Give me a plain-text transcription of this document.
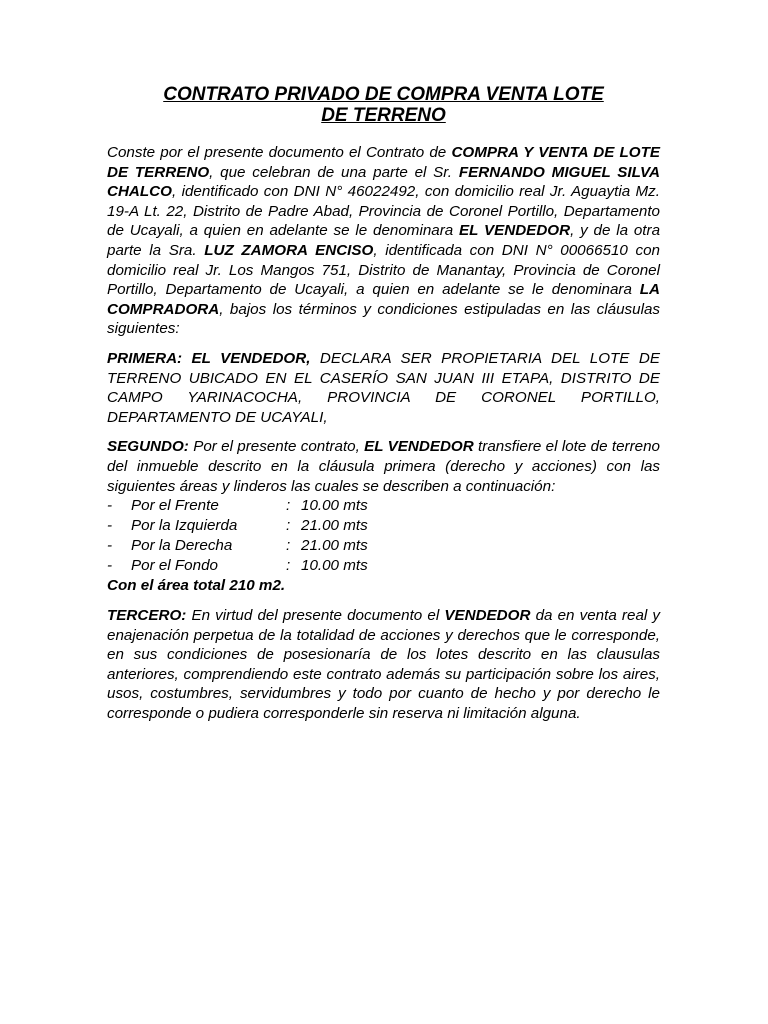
CONTRATO PRIVADO DE COMPRA VENTA LOTE
DE TERRENO

Conste por el presente documento el Contrato de COMPRA Y VENTA DE LOTE DE TERRENO, que celebran de una parte el Sr. FERNANDO MIGUEL SILVA CHALCO, identificado con DNI N° 46022492, con domicilio real Jr. Aguaytia Mz. 19-A Lt. 22, Distrito de Padre Abad, Provincia de Coronel Portillo, Departamento de Ucayali, a quien en adelante se le denominara EL VENDEDOR, y de la otra parte la Sra. LUZ ZAMORA ENCISO, identificada con DNI N° 00066510 con domicilio real Jr. Los Mangos 751, Distrito de Manantay, Provincia de Coronel Portillo, Departamento de Ucayali, a quien en adelante se le denominara LA COMPRADORA, bajos los términos y condiciones estipuladas en las cláusulas siguientes:

PRIMERA: EL VENDEDOR, DECLARA SER PROPIETARIA DEL LOTE DE TERRENO UBICADO EN EL CASERÍO SAN JUAN III ETAPA, DISTRITO DE CAMPO YARINACOCHA, PROVINCIA DE CORONEL PORTILLO, DEPARTAMENTO DE UCAYALI,

SEGUNDO: Por el presente contrato, EL VENDEDOR transfiere el lote de terreno del inmueble descrito en la cláusula primera (derecho y acciones) con las siguientes áreas y linderos las cuales se describen a continuación:

-	Por el Frente	: 10.00 mts
-	Por la Izquierda	: 21.00 mts
-	Por la Derecha	: 21.00 mts
-	Por el Fondo	: 10.00 mts

Con el área total 210 m2.

TERCERO: En virtud del presente documento el VENDEDOR da en venta real y enajenación perpetua de la totalidad de acciones y derechos que le corresponde, en sus condiciones de posesionaría de los lotes descrito en las clausulas anteriores, comprendiendo este contrato además su participación sobre los aires, usos, costumbres, servidumbres y todo por cuanto de hecho y por derecho le corresponde o pudiera corresponderle sin reserva ni limitación alguna.
